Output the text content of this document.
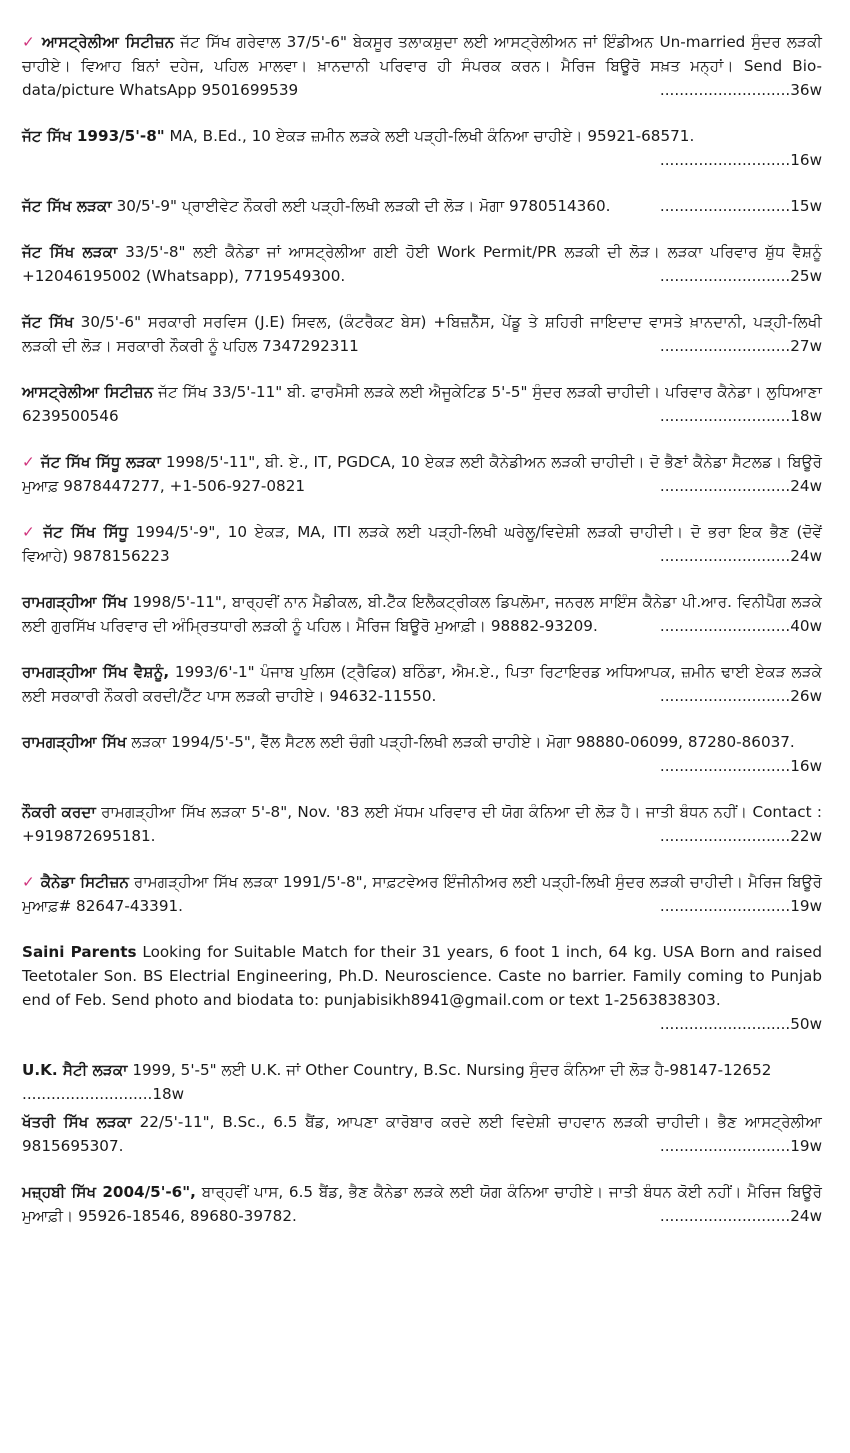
✓ ਆਸਟ੍ਰੇਲੀਆ ਸਿਟੀਜ਼ਨ ਜੱਟ ਸਿੱਖ ਗਰੇਵਾਲ 37/5'-6" ਬੇਕਸੂਰ ਤਲਾਕਸ਼ੁਦਾ ਲਈ ਆਸਟ੍ਰੇਲੀਅਨ ਜਾਂ ਇੰਡੀਅਨ Un-married ਸੁੰਦਰ ਲੜਕੀ ਚਾਹੀਏ। ਵਿਆਹ ਬਿਨਾਂ ਦਹੇਜ, ਪਹਿਲ ਮਾਲਵਾ। ਖ਼ਾਨਦਾਨੀ ਪਰਿਵਾਰ ਹੀ ਸੰਪਰਕ ਕਰਨ। ਮੈਰਿਜ ਬਿਊਰੋ ਸਖ਼ਤ ਮਨ੍ਹਾਂ। Send Bio-data/picture WhatsApp 9501699539	...........................36w
ਜੱਟ ਸਿੱਖ 1993/5'-8" MA, B.Ed., 10 ਏਕੜ ਜ਼ਮੀਨ ਲੜਕੇ ਲਈ ਪੜ੍ਹੀ-ਲਿਖੀ ਕੰਨਿਆ ਚਾਹੀਏ। 95921-68571.
...........................16w
ਜੱਟ ਸਿੱਖ ਲੜਕਾ 30/5'-9" ਪ੍ਰਾਈਵੇਟ ਨੌਕਰੀ ਲਈ ਪੜ੍ਹੀ-ਲਿਖੀ ਲੜਕੀ ਦੀ ਲੋੜ। ਮੋਗਾ 9780514360.	...........................15w
ਜੱਟ ਸਿੱਖ ਲੜਕਾ 33/5'-8" ਲਈ ਕੈਨੇਡਾ ਜਾਂ ਆਸਟ੍ਰੇਲੀਆ ਗਈ ਹੋਈ Work Permit/PR ਲੜਕੀ ਦੀ ਲੋੜ। ਲੜਕਾ ਪਰਿਵਾਰ ਸ਼ੁੱਧ ਵੈਸ਼ਨੂੰ +12046195002 (Whatsapp), 7719549300.	...........................25w
ਜੱਟ ਸਿੱਖ 30/5'-6" ਸਰਕਾਰੀ ਸਰਵਿਸ (J.E) ਸਿਵਲ, (ਕੰਟਰੈਕਟ ਬੇਸ) +ਬਿਜ਼ਨੈੱਸ, ਪੇਂਡੂ ਤੇ ਸ਼ਹਿਰੀ ਜਾਇਦਾਦ ਵਾਸਤੇ ਖ਼ਾਨਦਾਨੀ, ਪੜ੍ਹੀ-ਲਿਖੀ ਲੜਕੀ ਦੀ ਲੋੜ। ਸਰਕਾਰੀ ਨੌਕਰੀ ਨੂੰ ਪਹਿਲ 7347292311	...........................27w
ਆਸਟ੍ਰੇਲੀਆ ਸਿਟੀਜ਼ਨ ਜੱਟ ਸਿੱਖ 33/5'-11" ਬੀ. ਫਾਰਮੈਸੀ ਲੜਕੇ ਲਈ ਐਜੂਕੇਟਿਡ 5'-5" ਸੁੰਦਰ ਲੜਕੀ ਚਾਹੀਦੀ। ਪਰਿਵਾਰ ਕੈਨੇਡਾ। ਲੁਧਿਆਣਾ 6239500546	...........................18w
✓ ਜੱਟ ਸਿੱਖ ਸਿੱਧੂ ਲੜਕਾ 1998/5'-11", ਬੀ. ਏ., IT, PGDCA, 10 ਏਕੜ ਲਈ ਕੈਨੇਡੀਅਨ ਲੜਕੀ ਚਾਹੀਦੀ। ਦੋ ਭੈਣਾਂ ਕੈਨੇਡਾ ਸੈਟਲਡ। ਬਿਊਰੋ ਮੁਆਫ਼ 9878447277, +1-506-927-0821	...........................24w
✓ ਜੱਟ ਸਿੱਖ ਸਿੱਧੂ 1994/5'-9", 10 ਏਕੜ, MA, ITI ਲੜਕੇ ਲਈ ਪੜ੍ਹੀ-ਲਿਖੀ ਘਰੇਲੂ/ਵਿਦੇਸ਼ੀ ਲੜਕੀ ਚਾਹੀਦੀ। ਦੋ ਭਰਾ ਇਕ ਭੈਣ (ਦੋਵੇਂ ਵਿਆਹੇ) 9878156223	...........................24w
ਰਾਮਗੜ੍ਹੀਆ ਸਿੱਖ 1998/5'-11", ਬਾਰ੍ਹਵੀਂ ਨਾਨ ਮੈਡੀਕਲ, ਬੀ.ਟੈੱਕ ਇਲੈਕਟ੍ਰੀਕਲ ਡਿਪਲੋਮਾ, ਜਨਰਲ ਸਾਇੰਸ ਕੈਨੇਡਾ ਪੀ.ਆਰ. ਵਿਨੀਪੈਗ ਲੜਕੇ ਲਈ ਗੁਰਸਿੱਖ ਪਰਿਵਾਰ ਦੀ ਅੰਮ੍ਰਿਤਧਾਰੀ ਲੜਕੀ ਨੂੰ ਪਹਿਲ। ਮੈਰਿਜ ਬਿਊਰੋ ਮੁਆਫ਼ੀ। 98882-93209.	...........................40w
ਰਾਮਗੜ੍ਹੀਆ ਸਿੱਖ ਵੈਸ਼ਨੂੰ, 1993/6'-1" ਪੰਜਾਬ ਪੁਲਿਸ (ਟ੍ਰੈਫਿਕ) ਬਠਿੰਡਾ, ਐਮ.ਏ., ਪਿਤਾ ਰਿਟਾਇਰਡ ਅਧਿਆਪਕ, ਜ਼ਮੀਨ ਢਾਈ ਏਕੜ ਲੜਕੇ ਲਈ ਸਰਕਾਰੀ ਨੌਕਰੀ ਕਰਦੀ/ਟੈੱਟ ਪਾਸ ਲੜਕੀ ਚਾਹੀਏ। 94632-11550.	...........................26w
ਰਾਮਗੜ੍ਹੀਆ ਸਿੱਖ ਲੜਕਾ 1994/5'-5", ਵੈੱਲ ਸੈਟਲ ਲਈ ਚੰਗੀ ਪੜ੍ਹੀ-ਲਿਖੀ ਲੜਕੀ ਚਾਹੀਏ। ਮੋਗਾ 98880-06099, 87280-86037.
...........................16w
ਨੌਕਰੀ ਕਰਦਾ ਰਾਮਗੜ੍ਹੀਆ ਸਿੱਖ ਲੜਕਾ 5'-8", Nov. '83 ਲਈ ਮੱਧਮ ਪਰਿਵਾਰ ਦੀ ਯੋਗ ਕੰਨਿਆ ਦੀ ਲੋੜ ਹੈ। ਜਾਤੀ ਬੰਧਨ ਨਹੀਂ। Contact : +919872695181.	...........................22w
✓ ਕੈਨੇਡਾ ਸਿਟੀਜ਼ਨ ਰਾਮਗੜ੍ਹੀਆ ਸਿੱਖ ਲੜਕਾ 1991/5'-8", ਸਾਫ਼ਟਵੇਅਰ ਇੰਜੀਨੀਅਰ ਲਈ ਪੜ੍ਹੀ-ਲਿਖੀ ਸੁੰਦਰ ਲੜਕੀ ਚਾਹੀਦੀ। ਮੈਰਿਜ ਬਿਊਰੋ ਮੁਆਫ਼# 82647-43391.	...........................19w
Saini Parents Looking for Suitable Match for their 31 years, 6 foot 1 inch, 64 kg. USA Born and raised Teetotaler Son. BS Electrial Engineering, Ph.D. Neuroscience. Caste no barrier. Family coming to Punjab end of Feb. Send photo and biodata to: punjabisikh8941@gmail.com or text 1-2563838303.
...........................50w
U.K. ਸੈਟੀ ਲੜਕਾ 1999, 5'-5" ਲਈ U.K. ਜਾਂ Other Country, B.Sc. Nursing ਸੁੰਦਰ ਕੰਨਿਆ ਦੀ ਲੋੜ ਹੈ-98147-12652
...........................18w
ਖੱਤਰੀ ਸਿੱਖ ਲੜਕਾ 22/5'-11", B.Sc., 6.5 ਬੈਂਡ, ਆਪਣਾ ਕਾਰੋਬਾਰ ਕਰਦੇ ਲਈ ਵਿਦੇਸ਼ੀ ਚਾਹਵਾਨ ਲੜਕੀ ਚਾਹੀਦੀ। ਭੈਣ ਆਸਟ੍ਰੇਲੀਆ 9815695307.	...........................19w
ਮਜ਼੍ਹਬੀ ਸਿੱਖ 2004/5'-6", ਬਾਰ੍ਹਵੀਂ ਪਾਸ, 6.5 ਬੈਂਡ, ਭੈਣ ਕੈਨੇਡਾ ਲੜਕੇ ਲਈ ਯੋਗ ਕੰਨਿਆ ਚਾਹੀਏ। ਜਾਤੀ ਬੰਧਨ ਕੋਈ ਨਹੀਂ। ਮੈਰਿਜ ਬਿਊਰੋ ਮੁਆਫ਼ੀ। 95926-18546, 89680-39782.	...........................24w
